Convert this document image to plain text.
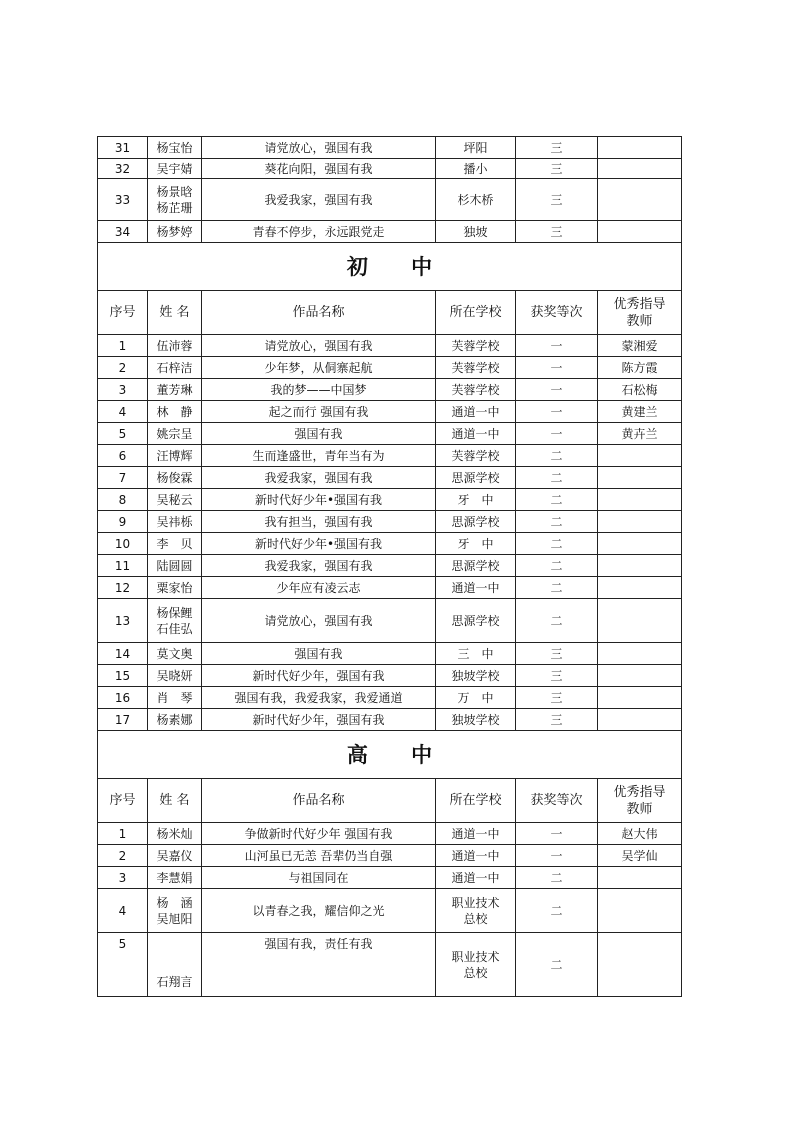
31	杨宝怡	请党放心，强国有我	坪阳	三	
32	吴宇婧	葵花向阳，强国有我	播小	三	
33	杨景晗
杨芷珊	我爱我家，强国有我	杉木桥	三	
34	杨梦婷	青春不停步，永远跟党走	独坡	三	
初 中					
序号	姓 名	作品名称	所在学校	获奖等次	优秀指导
教师

1	伍沛蓉	请党放心，强国有我	芙蓉学校	一	蒙湘爱
2	石梓洁	少年梦，从侗寨起航	芙蓉学校	一	陈方霞
3	董芳琳	我的梦——中国梦	芙蓉学校	一	石松梅
4	林　静	起之而行 强国有我	通道一中	一	黄建兰
5	姚宗呈	强国有我	通道一中	一	黄卉兰
6	汪博辉	生而逢盛世，青年当有为	芙蓉学校	二	
7	杨俊霖	我爱我家，强国有我	思源学校	二	
8	吴秘云	新时代好少年•强国有我	牙　中	二	
9	吴祎栎	我有担当，强国有我	思源学校	二	
10	李　贝	新时代好少年•强国有我	牙　中	二	
11	陆圆圆	我爱我家，强国有我	思源学校	二	
12	粟家怡	少年应有凌云志	通道一中	二	
13	杨保鲤
石佳弘	请党放心，强国有我	思源学校	二	
14	莫文奥	强国有我	三　中	三	
15	吴晓妍	新时代好少年，强国有我	独坡学校	三	
16	肖　琴	强国有我，我爱我家，我爱通道	万　中	三	
17	杨素娜	新时代好少年，强国有我	独坡学校	三	
高 中					
序号	姓 名	作品名称	所在学校	获奖等次	优秀指导
教师

1	杨米灿	争做新时代好少年 强国有我	通道一中	一	赵大伟
2	吴嘉仪	山河虽已无恙 吾辈仍当自强	通道一中	一	吴学仙
3	李慧娟	与祖国同在	通道一中	二	
4	杨　涵
吴旭阳	以青春之我，耀信仰之光	职业技术
总校	二	
5	石翔言	强国有我，责任有我	职业技术
总校	二	
